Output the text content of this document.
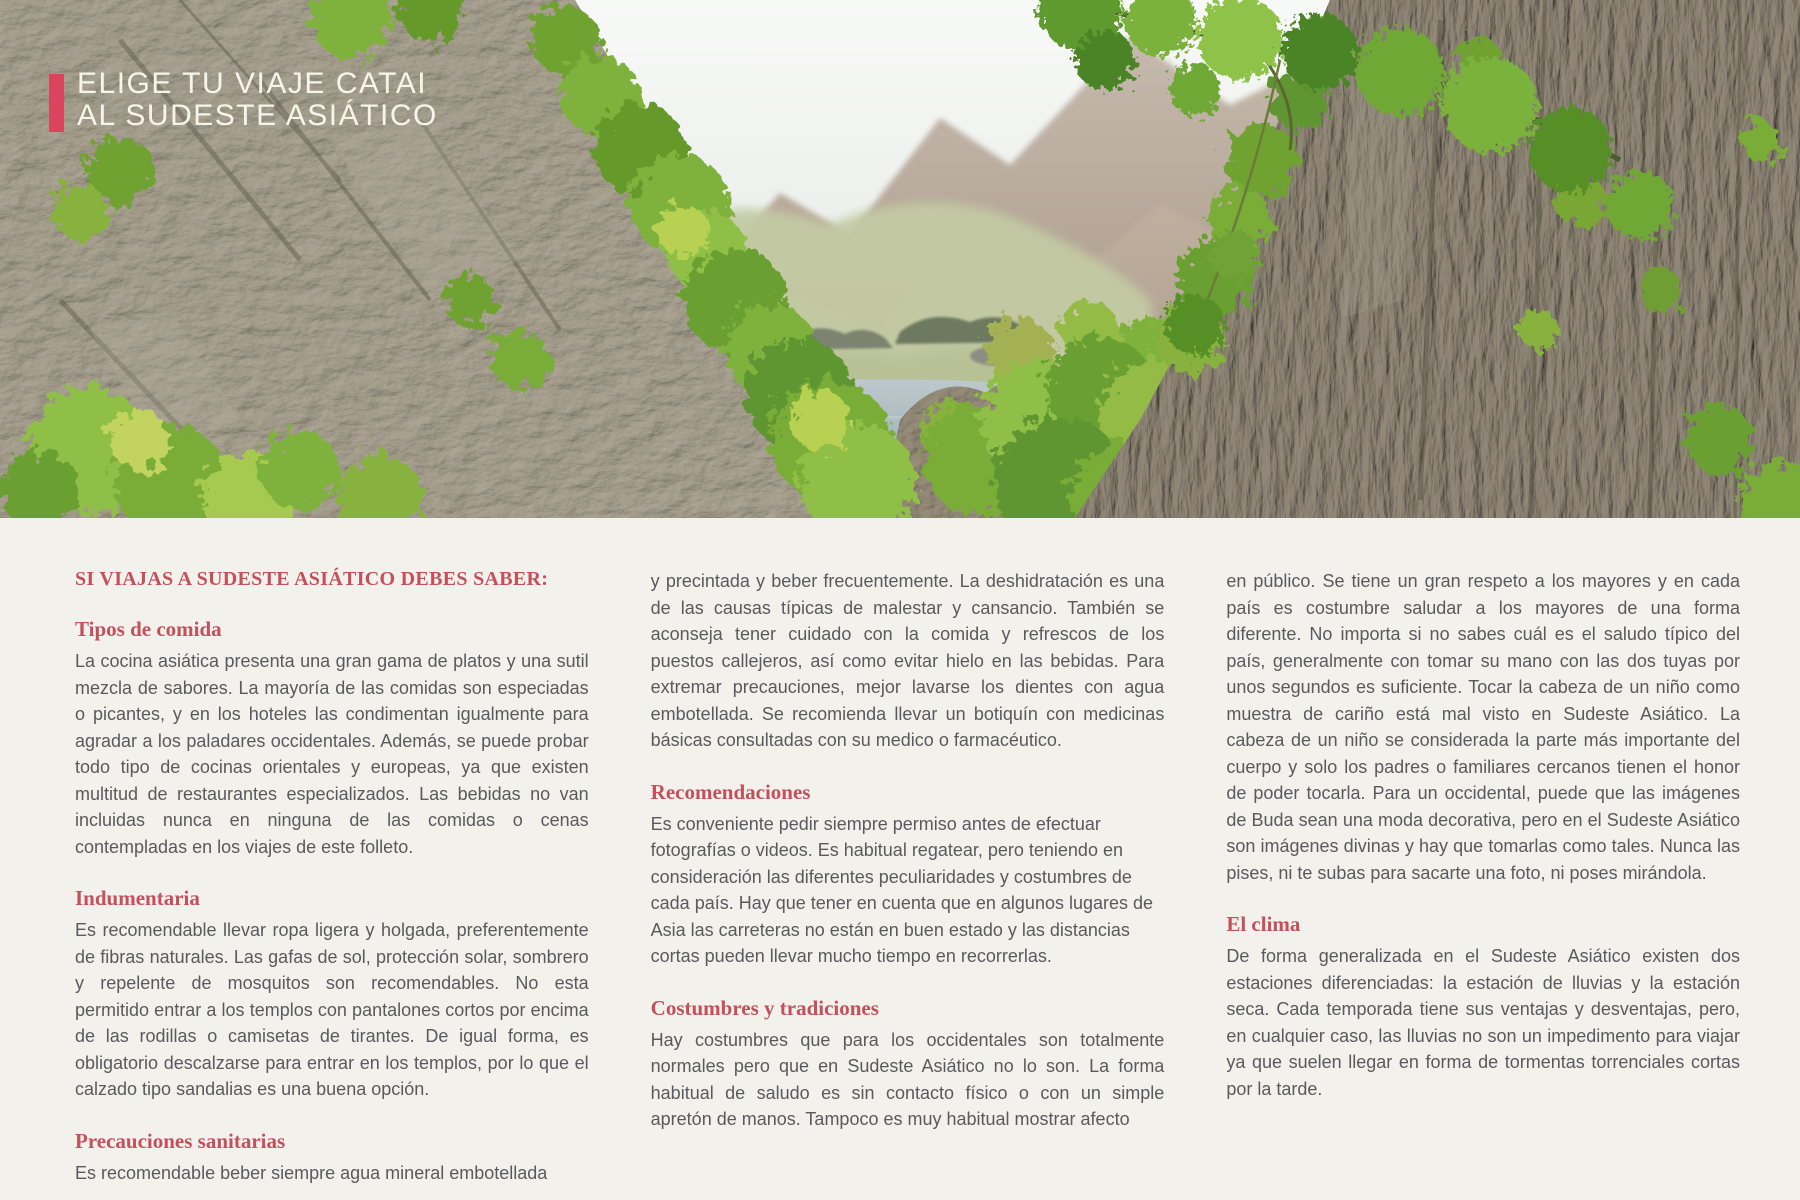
ELIGE TU VIAJE CATAI
AL SUDESTE ASIÁTICO
SI VIAJAS A SUDESTE ASIÁTICO DEBES SABER:
Tipos de comida

La cocina asiática presenta una gran gama de platos y una sutil mezcla de sabores. La mayoría de las comidas son especiadas o picantes, y en los hoteles las condimentan igualmente para agradar a los paladares occidentales. Además, se puede probar todo tipo de cocinas orientales y europeas, ya que existen multitud de restaurantes especializados. Las bebidas no van incluidas nunca en ninguna de las comidas o cenas contempladas en los viajes de este folleto.

Indumentaria

Es recomendable llevar ropa ligera y holgada, preferentemente de fibras naturales. Las gafas de sol, protección solar, sombrero y repelente de mosquitos son recomendables. No esta permitido entrar a los templos con pantalones cortos por encima de las rodillas o camisetas de tirantes. De igual forma, es obligatorio descalzarse para entrar en los templos, por lo que el calzado tipo sandalias es una buena opción.

Precauciones sanitarias

Es recomendable beber siempre agua mineral embotellada

y precintada y beber frecuentemente. La deshidratación es una de las causas típicas de malestar y cansancio. También se aconseja tener cuidado con la comida y refrescos de los puestos callejeros, así como evitar hielo en las bebidas. Para extremar precauciones, mejor lavarse los dientes con agua embotellada. Se recomienda llevar un botiquín con medicinas básicas consultadas con su medico o farmacéutico.

Recomendaciones

Es conveniente pedir siempre permiso antes de efectuar fotografías o videos. Es habitual regatear, pero teniendo en consideración las diferentes peculiaridades y costumbres de cada país. Hay que tener en cuenta que en algunos lugares de Asia las carreteras no están en buen estado y las distancias cortas pueden llevar mucho tiempo en recorrerlas.

Costumbres y tradiciones

Hay costumbres que para los occidentales son totalmente normales pero que en Sudeste Asiático no lo son. La forma habitual de saludo es sin contacto físico o con un simple apretón de manos. Tampoco es muy habitual mostrar afecto

en público. Se tiene un gran respeto a los mayores y en cada país es costumbre saludar a los mayores de una forma diferente. No importa si no sabes cuál es el saludo típico del país, generalmente con tomar su mano con las dos tuyas por unos segundos es suficiente. Tocar la cabeza de un niño como muestra de cariño está mal visto en Sudeste Asiático. La cabeza de un niño se considerada la parte más importante del cuerpo y solo los padres o familiares cercanos tienen el honor de poder tocarla. Para un occidental, puede que las imágenes de Buda sean una moda decorativa, pero en el Sudeste Asiático son imágenes divinas y hay que tomarlas como tales. Nunca las pises, ni te subas para sacarte una foto, ni poses mirándola.

El clima

De forma generalizada en el Sudeste Asiático existen dos estaciones diferenciadas: la estación de lluvias y la estación seca. Cada temporada tiene sus ventajas y desventajas, pero, en cualquier caso, las lluvias no son un impedimento para viajar ya que suelen llegar en forma de tormentas torrenciales cortas por la tarde.
